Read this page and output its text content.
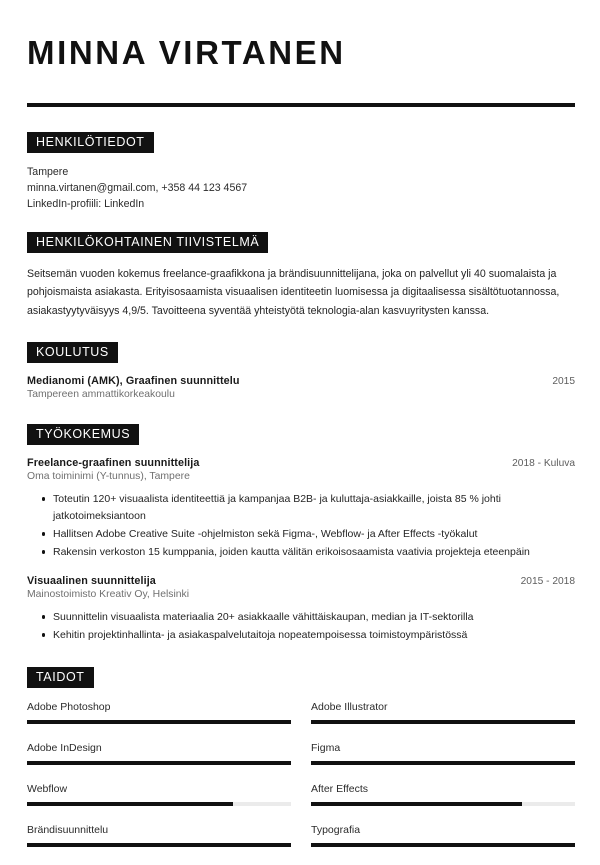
MINNA VIRTANEN
HENKILÖTIEDOT
Tampere
minna.virtanen@gmail.com, +358 44 123 4567
LinkedIn-profiili: LinkedIn
HENKILÖKOHTAINEN TIIVISTELMÄ

Seitsemän vuoden kokemus freelance-graafikkona ja brändisuunnittelijana, joka on palvellut yli 40 suomalaista ja pohjoismaista asiakasta. Erityisosaamista visuaalisen identiteetin luomisessa ja digitaalisessa sisältötuotannossa, asiakastyytyväisyys 4,9/5. Tavoitteena syventää yhteistyötä teknologia-alan kasvuyritysten kanssa.

KOULUTUS
Medianomi (AMK), Graafinen suunnittelu	2015
Tampereen ammattikorkeakoulu
TYÖKOKEMUS
Freelance-graafinen suunnittelija	2018 - Kuluva
Oma toiminimi (Y-tunnus), Tampere
Toteutin 120+ visuaalista identiteettiä ja kampanjaa B2B- ja kuluttaja-asiakkaille, joista 85 % johti jatkotoimeksiantoon
Hallitsen Adobe Creative Suite -ohjelmiston sekä Figma-, Webflow- ja After Effects -työkalut
Rakensin verkoston 15 kumppania, joiden kautta välitän erikoisosaamista vaativia projekteja eteenpäin
Visuaalinen suunnittelija	2015 - 2018
Mainostoimisto Kreativ Oy, Helsinki
Suunnittelin visuaalista materiaalia 20+ asiakkaalle vähittäiskaupan, median ja IT-sektorilla
Kehitin projektinhallinta- ja asiakaspalvelutaitoja nopeatempoisessa toimistoympäristössä
TAIDOT
Adobe Photoshop	Adobe Illustrator
Adobe InDesign	Figma
Webflow	After Effects
Brändisuunnittelu	Typografia
